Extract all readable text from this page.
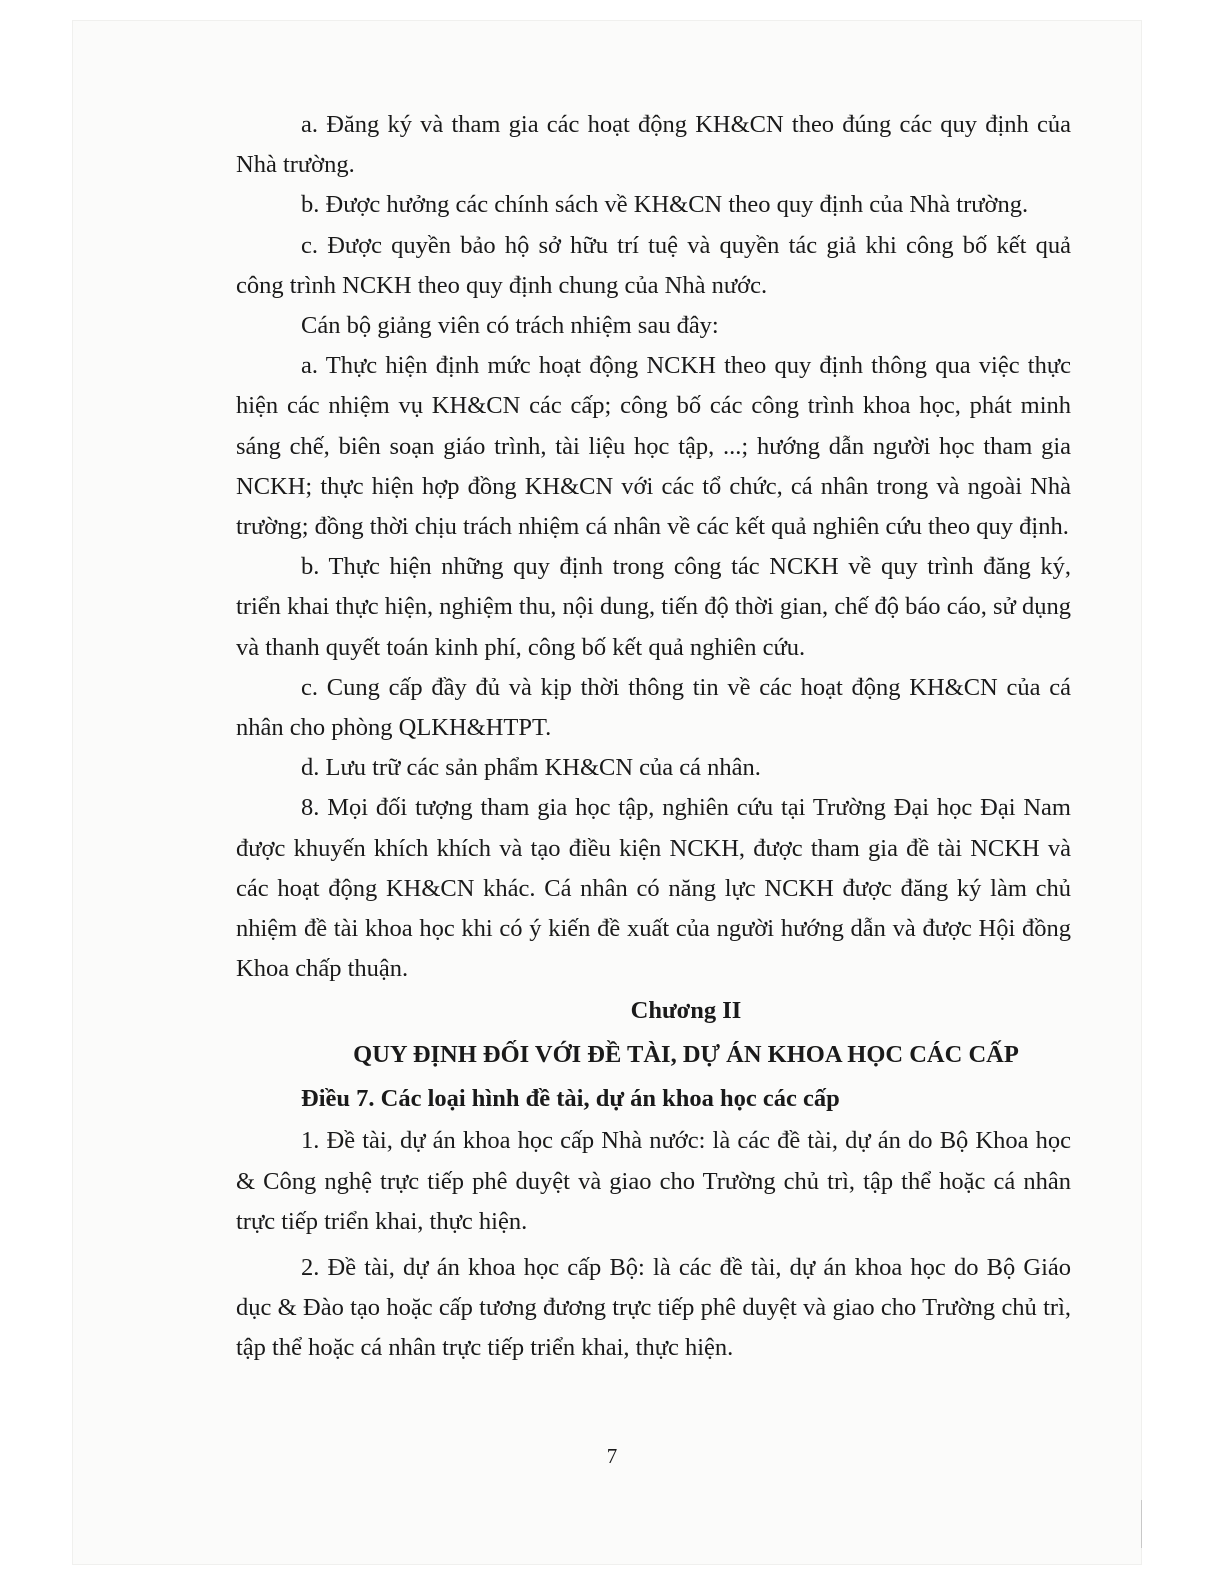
a. Đăng ký và tham gia các hoạt động KH&CN theo đúng các quy định của Nhà trường.

b. Được hưởng các chính sách về KH&CN theo quy định của Nhà trường.

c. Được quyền bảo hộ sở hữu trí tuệ và quyền tác giả khi công bố kết quả công trình NCKH theo quy định chung của Nhà nước.

Cán bộ giảng viên có trách nhiệm sau đây:

a. Thực hiện định mức hoạt động NCKH theo quy định thông qua việc thực hiện các nhiệm vụ KH&CN các cấp; công bố các công trình khoa học, phát minh sáng chế, biên soạn giáo trình, tài liệu học tập, ...; hướng dẫn người học tham gia NCKH; thực hiện hợp đồng KH&CN với các tổ chức, cá nhân trong và ngoài Nhà trường; đồng thời chịu trách nhiệm cá nhân về các kết quả nghiên cứu theo quy định.

b. Thực hiện những quy định trong công tác NCKH về quy trình đăng ký, triển khai thực hiện, nghiệm thu, nội dung, tiến độ thời gian, chế độ báo cáo, sử dụng và thanh quyết toán kinh phí, công bố kết quả nghiên cứu.

c. Cung cấp đầy đủ và kịp thời thông tin về các hoạt động KH&CN của cá nhân cho phòng QLKH&HTPT.

d. Lưu trữ các sản phẩm KH&CN của cá nhân.

8. Mọi đối tượng tham gia học tập, nghiên cứu tại Trường Đại học Đại Nam được khuyến khích khích và tạo điều kiện NCKH, được tham gia đề tài NCKH và các hoạt động KH&CN khác. Cá nhân có năng lực NCKH được đăng ký làm chủ nhiệm đề tài khoa học khi có ý kiến đề xuất của người hướng dẫn và được Hội đồng Khoa chấp thuận.

Chương II

QUY ĐỊNH ĐỐI VỚI ĐỀ TÀI, DỰ ÁN KHOA HỌC CÁC CẤP

Điều 7. Các loại hình đề tài, dự án khoa học các cấp

1. Đề tài, dự án khoa học cấp Nhà nước: là các đề tài, dự án do Bộ Khoa học & Công nghệ trực tiếp phê duyệt và giao cho Trường chủ trì, tập thể hoặc cá nhân trực tiếp triển khai, thực hiện.

2. Đề tài, dự án khoa học cấp Bộ: là các đề tài, dự án khoa học do Bộ Giáo dục & Đào tạo hoặc cấp tương đương trực tiếp phê duyệt và giao cho Trường chủ trì, tập thể hoặc cá nhân trực tiếp triển khai, thực hiện.

7
